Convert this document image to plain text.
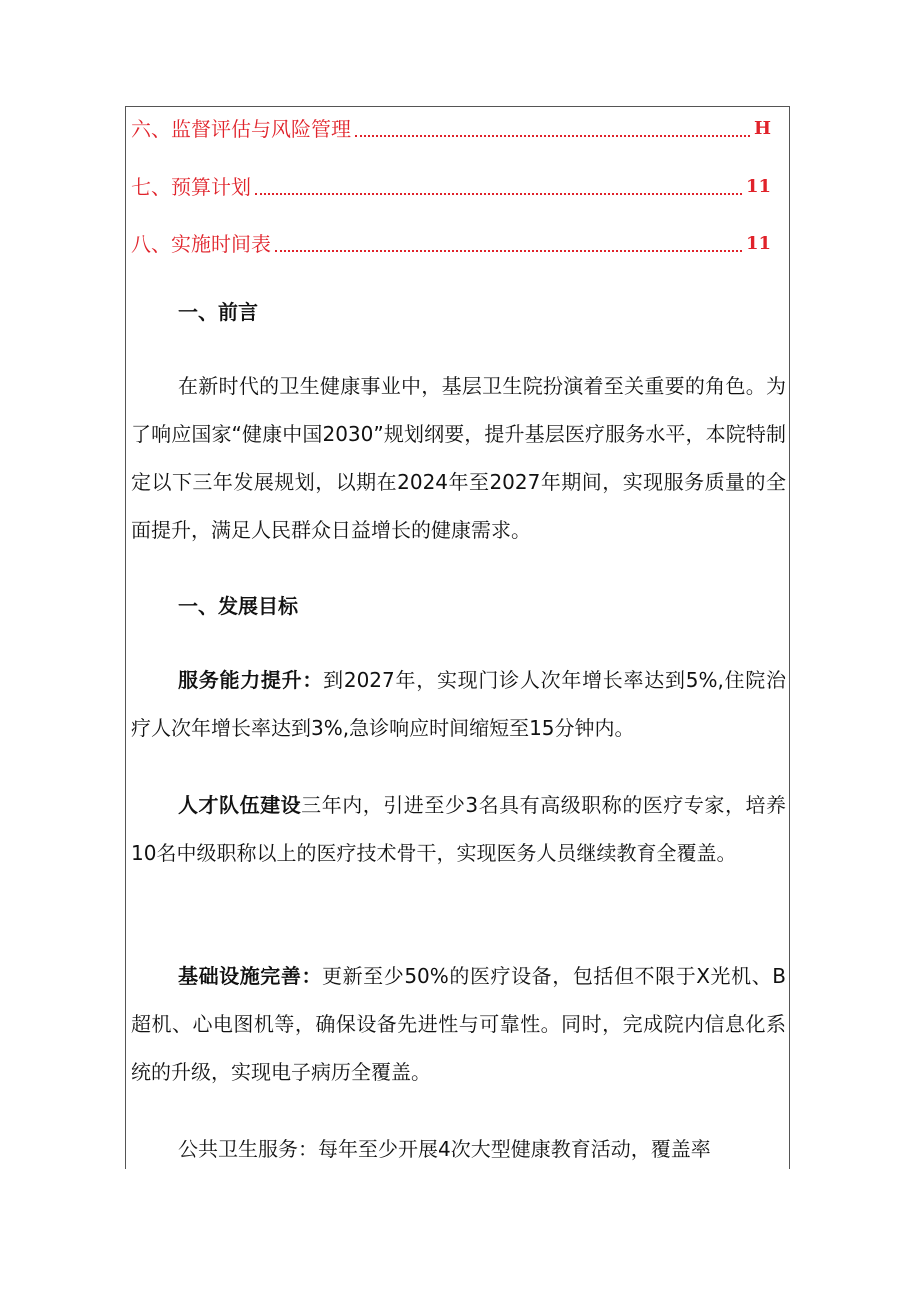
六、监督评估与风险管理	H
七、预算计划	11
八、实施时间表	11
一、前言

在新时代的卫生健康事业中，基层卫生院扮演着至关重要的角色。为了响应国家“健康中国2030”规划纲要，提升基层医疗服务水平，本院特制定以下三年发展规划，以期在2024年至2027年期间，实现服务质量的全面提升，满足人民群众日益增长的健康需求。

一、发展目标

服务能力提升：到2027年，实现门诊人次年增长率达到5%,住院治疗人次年增长率达到3%,急诊响应时间缩短至15分钟内。

人才队伍建设三年内，引进至少3名具有高级职称的医疗专家，培养10名中级职称以上的医疗技术骨干，实现医务人员继续教育全覆盖。

基础设施完善：更新至少50%的医疗设备，包括但不限于X光机、B超机、心电图机等，确保设备先进性与可靠性。同时，完成院内信息化系统的升级，实现电子病历全覆盖。

公共卫生服务：每年至少开展4次大型健康教育活动，覆盖率
